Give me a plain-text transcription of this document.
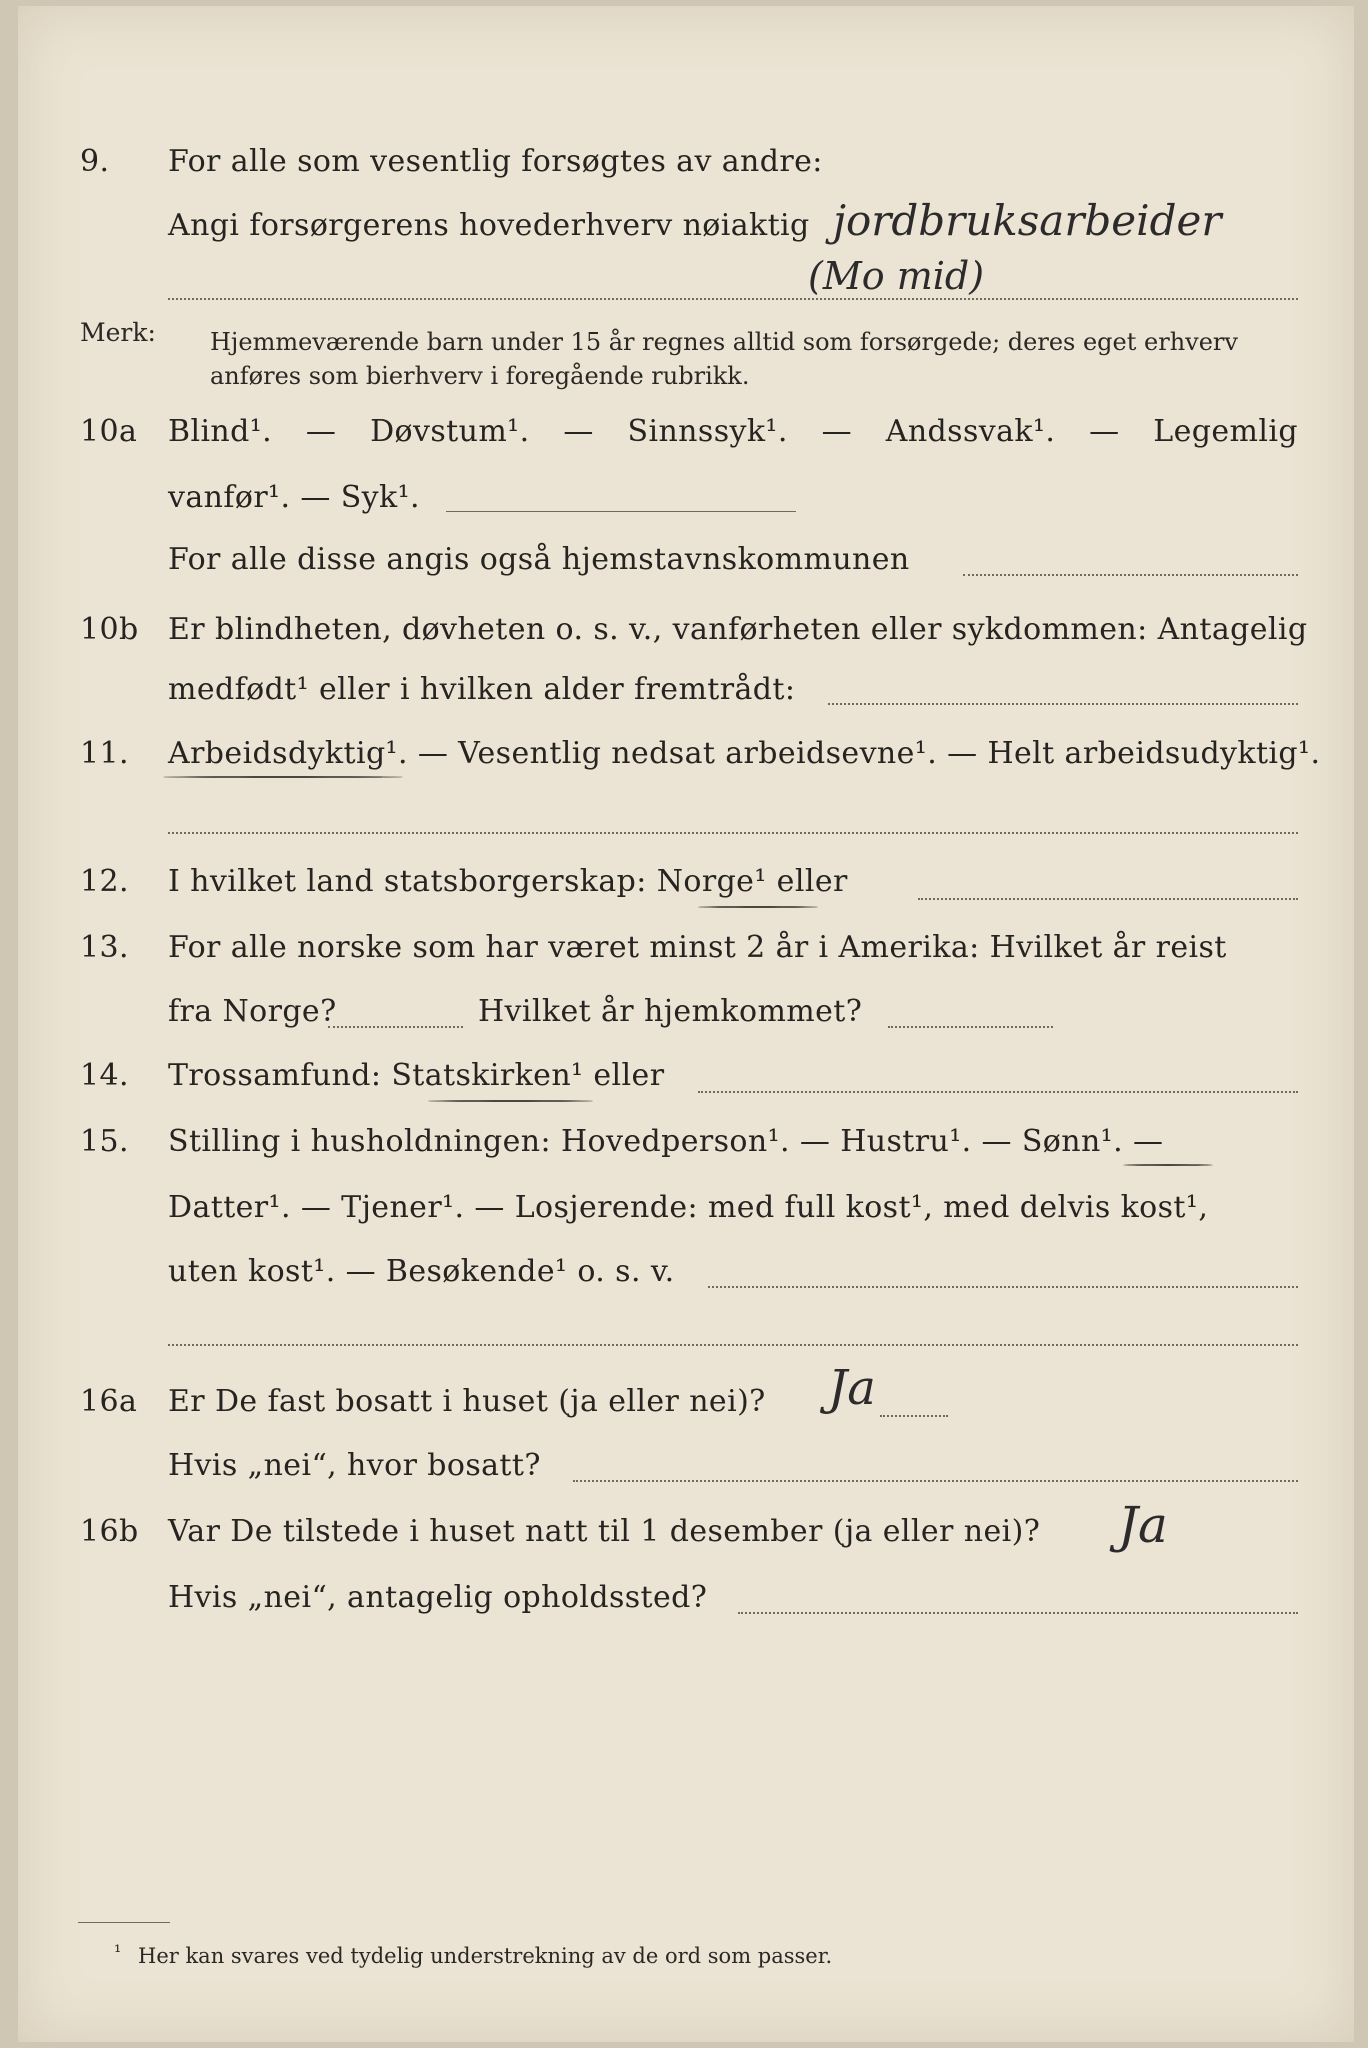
9. For alle som vesentlig forsøgtes av andre:
Angi forsørgerens hovederhverv nøiaktig jordbruksarbeider
(Mo mid)
Merk: Hjemmeværende barn under 15 år regnes alltid som forsørgede; deres eget erhverv
anføres som bierhverv i foregående rubrikk.
10a Blind¹. — Døvstum¹. — Sinnssyk¹. — Andssvak¹. — Legemlig
vanfør¹. — Syk¹.
For alle disse angis også hjemstavnskommunen
10b Er blindheten, døvheten o. s. v., vanførheten eller sykdommen: Antagelig
medfødt¹ eller i hvilken alder fremtrådt:
11. Arbeidsdyktig¹. — Vesentlig nedsat arbeidsevne¹. — Helt arbeidsudyktig¹.
12. I hvilket land statsborgerskap: Norge¹ eller
13. For alle norske som har været minst 2 år i Amerika: Hvilket år reist
fra Norge?	Hvilket år hjemkommet?
14. Trossamfund: Statskirken¹ eller
15. Stilling i husholdningen: Hovedperson¹. — Hustru¹. — Sønn¹. —
Datter¹. — Tjener¹. — Losjerende: med full kost¹, med delvis kost¹,
uten kost¹. — Besøkende¹ o. s. v.
16a Er De fast bosatt i huset (ja eller nei)? Ja
Hvis „nei“, hvor bosatt?
16b Var De tilstede i huset natt til 1 desember (ja eller nei)? Ja
Hvis „nei“, antagelig opholdssted?
¹ Her kan svares ved tydelig understrekning av de ord som passer.
